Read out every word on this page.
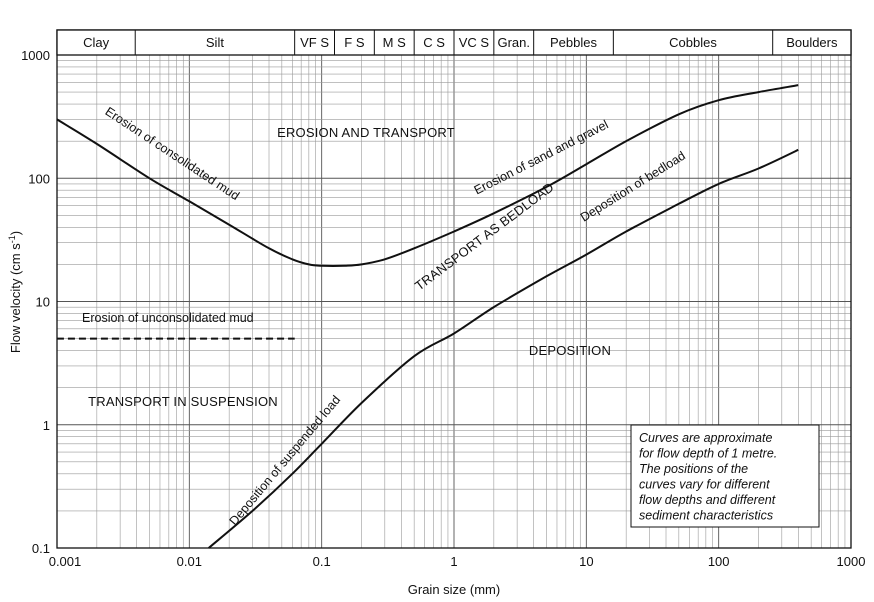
Clay	Silt	VF S F S M S C S VC S Gran. Pebbles	Cobbles	Boulders
Erosion of consolidated mud	Erosion of sand and gravel
Deposition of bedload
Deposition of suspended load
Erosion of unconsolidated mud
EROSION AND TRANSPORT
TRANSPORT AS BEDLOAD
DEPOSITION
TRANSPORT IN SUSPENSION
Curves are approximate
for flow depth of 1 metre.
The positions of the
curves vary for different
flow depths and different
sediment characteristics
0.001	0.01	0.1	1	10	100	1000
0.1
1
10
100
1000
Grain size (mm)
Flow velocity (cm $s^{-1}$)
